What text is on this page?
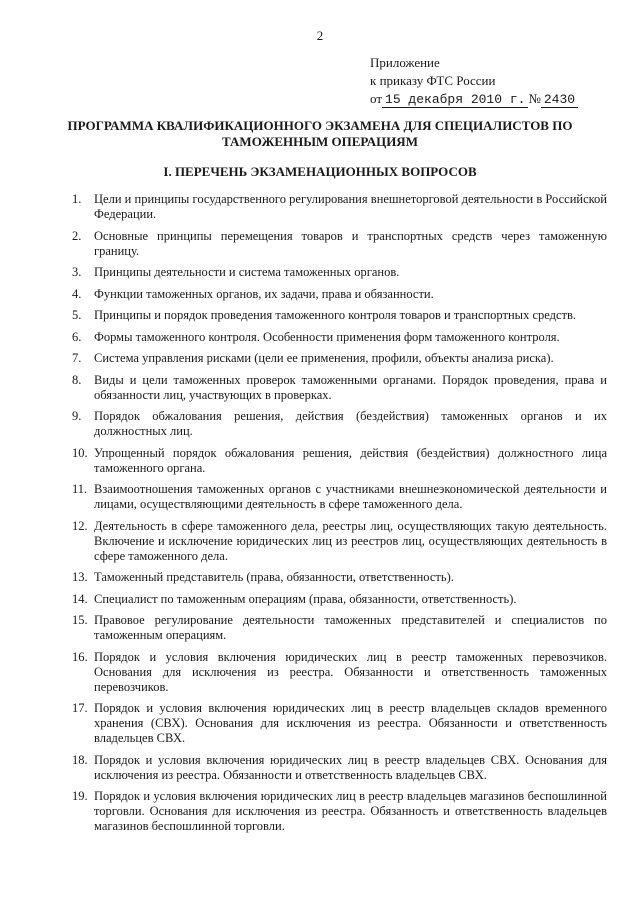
2
Приложение
к приказу ФТС России
от 15 декабря 2010 г. № 2430
ПРОГРАММА КВАЛИФИКАЦИОННОГО ЭКЗАМЕНА ДЛЯ СПЕЦИАЛИСТОВ ПО ТАМОЖЕННЫМ ОПЕРАЦИЯМ
I. ПЕРЕЧЕНЬ ЭКЗАМЕНАЦИОННЫХ ВОПРОСОВ
1.	Цели и принципы государственного регулирования внешнеторговой деятельности в Российской Федерации.
2.	Основные принципы перемещения товаров и транспортных средств через таможенную границу.
3.	Принципы деятельности и система таможенных органов.
4.	Функции таможенных органов, их задачи, права и обязанности.
5.	Принципы и порядок проведения таможенного контроля товаров и транспортных средств.
6.	Формы таможенного контроля. Особенности применения форм таможенного контроля.
7.	Система управления рисками (цели ее применения, профили, объекты анализа риска).
8.	Виды и цели таможенных проверок таможенными органами. Порядок проведения, права и обязанности лиц, участвующих в проверках.
9.	Порядок обжалования решения, действия (бездействия) таможенных органов и их должностных лиц.
10. Упрощенный порядок обжалования решения, действия (бездействия) должностного лица таможенного органа.
11. Взаимоотношения таможенных органов с участниками внешнеэкономической деятельности и лицами, осуществляющими деятельность в сфере таможенного дела.
12. Деятельность в сфере таможенного дела, реестры лиц, осуществляющих такую деятельность. Включение и исключение юридических лиц из реестров лиц, осуществляющих деятельность в сфере таможенного дела.
13. Таможенный представитель (права, обязанности, ответственность).
14. Специалист по таможенным операциям (права, обязанности, ответственность).
15. Правовое регулирование деятельности таможенных представителей и специалистов по таможенным операциям.
16. Порядок и условия включения юридических лиц в реестр таможенных перевозчиков. Основания для исключения из реестра. Обязанности и ответственность таможенных перевозчиков.
17. Порядок и условия включения юридических лиц в реестр владельцев складов временного хранения (СВХ). Основания для исключения из реестра. Обязанности и ответственность владельцев СВХ.
18. Порядок и условия включения юридических лиц в реестр владельцев СВХ. Основания для исключения из реестра. Обязанности и ответственность владельцев СВХ.
19. Порядок и условия включения юридических лиц в реестр владельцев магазинов беспошлинной торговли. Основания для исключения из реестра. Обязанность и ответственность владельцев магазинов беспошлинной торговли.
